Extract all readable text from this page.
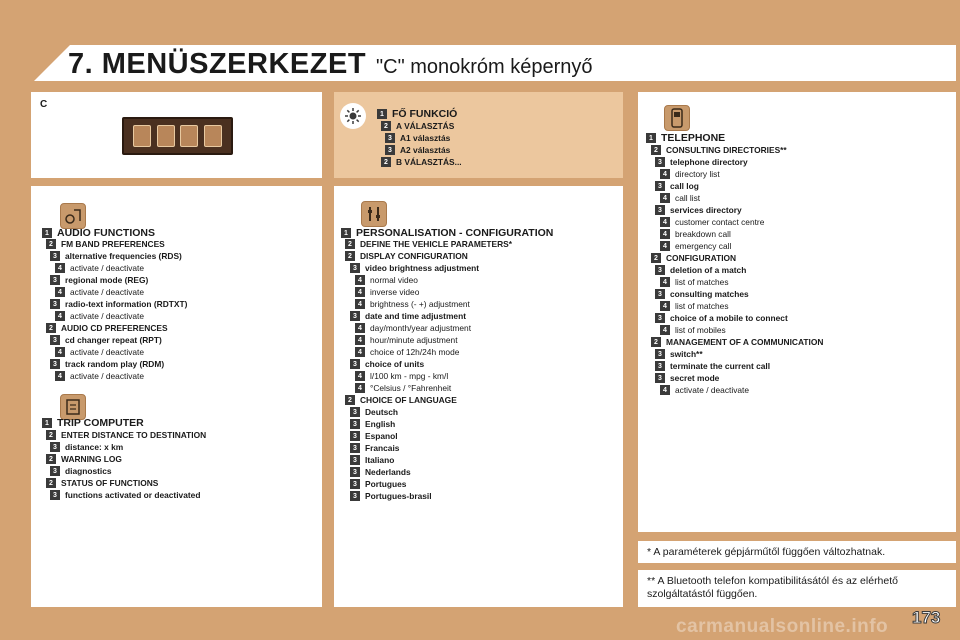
7. MENÜSZERKEZET "C" monokróm képernyő
C
1 FŐ FUNKCIÓ
2 A VÁLASZTÁS
3 A1 választás
3 A2 választás
2 B VÁLASZTÁS...
1 AUDIO FUNCTIONS
2 FM BAND PREFERENCES
3 alternative frequencies (RDS)
4 activate / deactivate
3 regional mode (REG)
4 activate / deactivate
3 radio-text information (RDTXT)
4 activate / deactivate
2 AUDIO CD PREFERENCES
3 cd changer repeat (RPT)
4 activate / deactivate
3 track random play (RDM)
4 activate / deactivate
1 TRIP COMPUTER
2 ENTER DISTANCE TO DESTINATION
3 distance: x km
2 WARNING LOG
3 diagnostics
2 STATUS OF FUNCTIONS
3 functions activated or deactivated
1 PERSONALISATION - CONFIGURATION
2 DEFINE THE VEHICLE PARAMETERS*
2 DISPLAY CONFIGURATION
3 video brightness adjustment
4 normal video
4 inverse video
4 brightness (- +) adjustment
3 date and time adjustment
4 day/month/year adjustment
4 hour/minute adjustment
4 choice of 12h/24h mode
3 choice of units
4 l/100 km - mpg - km/l
4 °Celsius / °Fahrenheit
2 CHOICE OF LANGUAGE
3 Deutsch
3 English
3 Espanol
3 Francais
3 Italiano
3 Nederlands
3 Portugues
3 Portugues-brasil
1 TELEPHONE
2 CONSULTING DIRECTORIES**
3 telephone directory
4 directory list
3 call log
4 call list
3 services directory
4 customer contact centre
4 breakdown call
4 emergency call
2 CONFIGURATION
3 deletion of a match
4 list of matches
3 consulting matches
4 list of matches
3 choice of a mobile to connect
4 list of mobiles
2 MANAGEMENT OF A COMMUNICATION
3 switch**
3 terminate the current call
3 secret mode
4 activate / deactivate
* A paraméterek gépjárműtől függően változhatnak.
** A Bluetooth telefon kompatibilitásától és az elérhető
szolgáltatástól függően.
carmanualsonline.info 173
